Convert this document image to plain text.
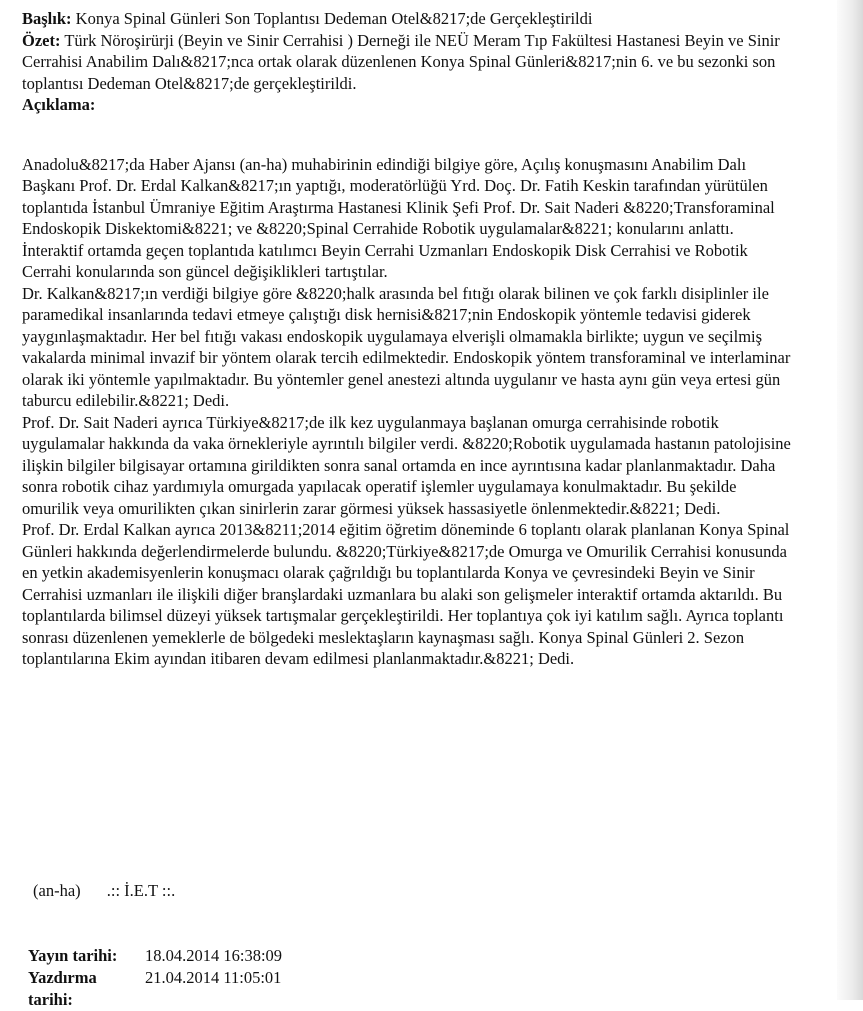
Başlık: Konya Spinal Günleri Son Toplantısı Dedeman Otel&8217;de Gerçekleştirildi

Özet: Türk Nöroşirürji (Beyin ve Sinir Cerrahisi ) Derneği ile NEÜ Meram Tıp Fakültesi Hastanesi Beyin ve Sinir Cerrahisi Anabilim Dalı&8217;nca ortak olarak düzenlenen Konya Spinal Günleri&8217;nin 6. ve bu sezonki son toplantısı Dedeman Otel&8217;de gerçekleştirildi.

Açıklama:

Anadolu&8217;da Haber Ajansı (an-ha) muhabirinin edindiği bilgiye göre, Açılış konuşmasını Anabilim Dalı Başkanı Prof. Dr. Erdal Kalkan&8217;ın yaptığı, moderatörlüğü Yrd. Doç. Dr. Fatih Keskin tarafından yürütülen toplantıda İstanbul Ümraniye Eğitim Araştırma Hastanesi Klinik Şefi Prof. Dr. Sait Naderi &8220;Transforaminal Endoskopik Diskektomi&8221; ve &8220;Spinal Cerrahide Robotik uygulamalar&8221; konularını anlattı. İnteraktif ortamda geçen toplantıda katılımcı Beyin Cerrahi Uzmanları Endoskopik Disk Cerrahisi ve Robotik Cerrahi konularında son güncel değişiklikleri tartıştılar.

Dr. Kalkan&8217;ın verdiği bilgiye göre &8220;halk arasında bel fıtığı olarak bilinen ve çok farklı disiplinler ile paramedikal insanlarında tedavi etmeye çalıştığı disk hernisi&8217;nin Endoskopik yöntemle tedavisi giderek yaygınlaşmaktadır. Her bel fıtığı vakası endoskopik uygulamaya elverişli olmamakla birlikte; uygun ve seçilmiş vakalarda minimal invazif bir yöntem olarak tercih edilmektedir. Endoskopik yöntem transforaminal ve interlaminar olarak iki yöntemle yapılmaktadır. Bu yöntemler genel anestezi altında uygulanır ve hasta aynı gün veya ertesi gün taburcu edilebilir.&8221; Dedi.

Prof. Dr. Sait Naderi ayrıca Türkiye&8217;de ilk kez uygulanmaya başlanan omurga cerrahisinde robotik uygulamalar hakkında da vaka örnekleriyle ayrıntılı bilgiler verdi. &8220;Robotik uygulamada hastanın patolojisine ilişkin bilgiler bilgisayar ortamına girildikten sonra sanal ortamda en ince ayrıntısına kadar planlanmaktadır. Daha sonra robotik cihaz yardımıyla omurgada yapılacak operatif işlemler uygulamaya konulmaktadır. Bu şekilde omurilik veya omurilikten çıkan sinirlerin zarar görmesi yüksek hassasiyetle önlenmektedir.&8221; Dedi.

Prof. Dr. Erdal Kalkan ayrıca 2013&8211;2014 eğitim öğretim döneminde 6 toplantı olarak planlanan Konya Spinal Günleri hakkında değerlendirmelerde bulundu. &8220;Türkiye&8217;de Omurga ve Omurilik Cerrahisi konusunda en yetkin akademisyenlerin konuşmacı olarak çağrıldığı bu toplantılarda Konya ve çevresindeki Beyin ve Sinir Cerrahisi uzmanları ile ilişkili diğer branşlardaki uzmanlara bu alaki son gelişmeler interaktif ortamda aktarıldı. Bu toplantılarda bilimsel düzeyi yüksek tartışmalar gerçekleştirildi. Her toplantıya çok iyi katılım sağlı. Ayrıca toplantı sonrası düzenlenen yemeklerle de bölgedeki meslektaşların kaynaşması sağlı. Konya Spinal Günleri 2. Sezon toplantılarına Ekim ayından itibaren devam edilmesi planlanmaktadır.&8221; Dedi.

(an-ha) .:: İ.E.T ::.
Yayın tarihi:	18.04.2014 16:38:09
Yazdırma tarihi:
21.04.2014 11:05:01
